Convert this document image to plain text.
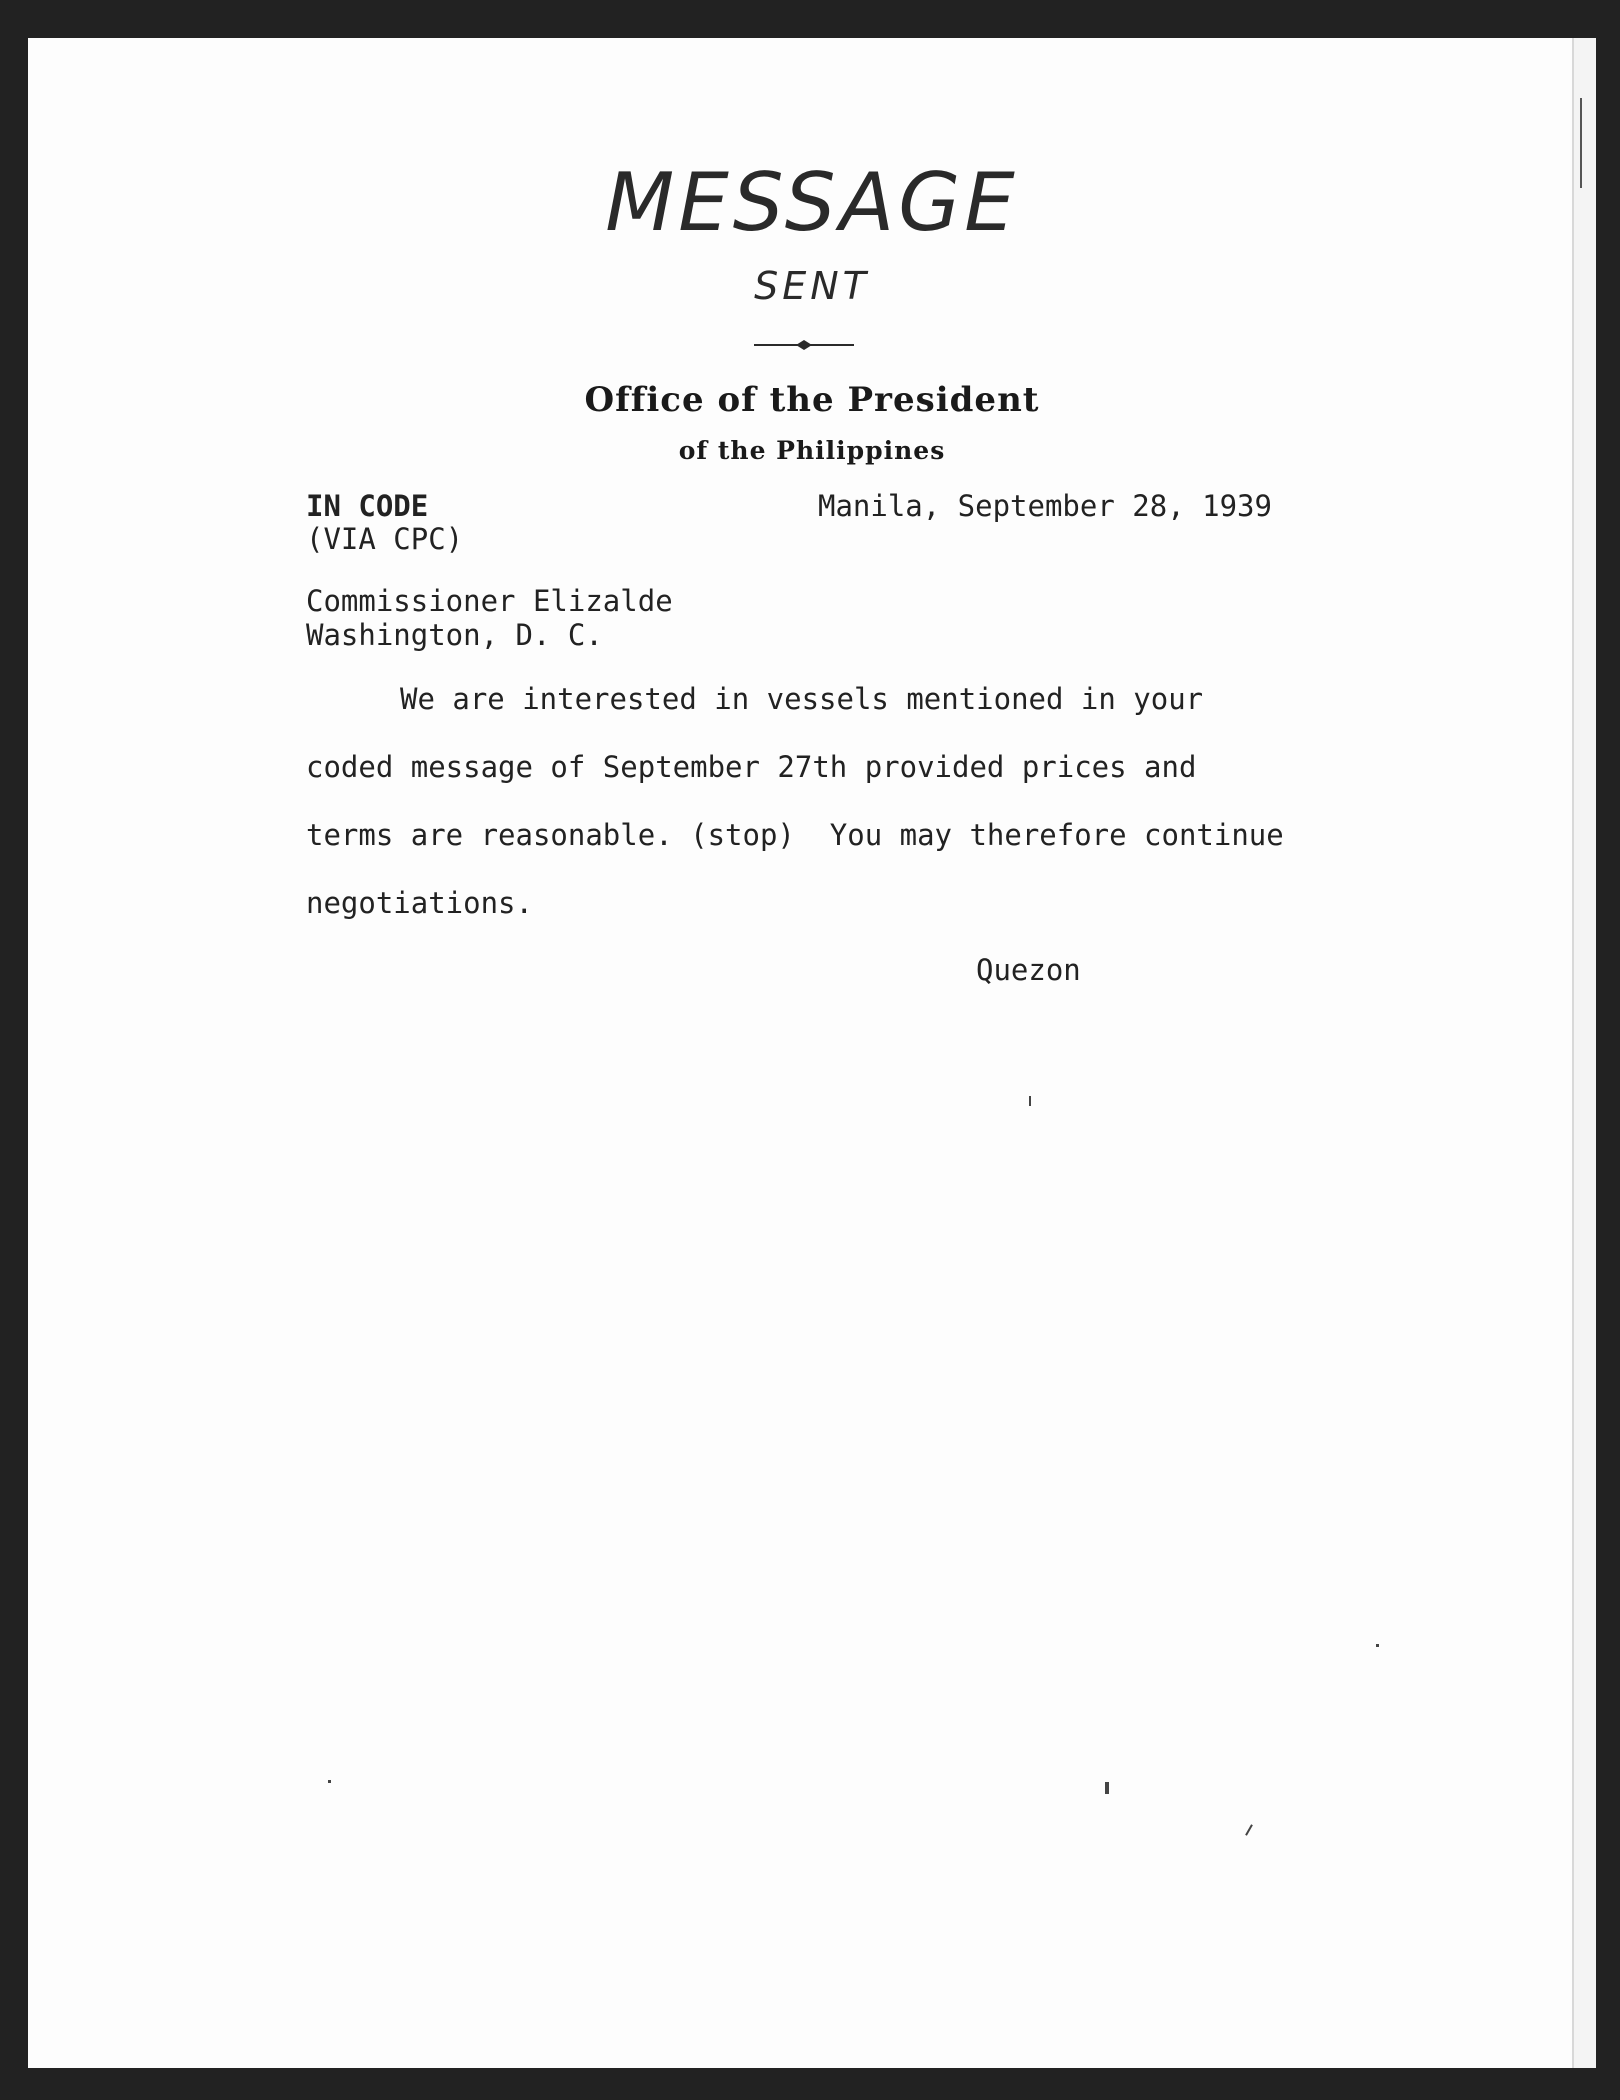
MESSAGE
SENT
Office of the President
of the Philippines
IN CODE
(VIA CPC)
Manila, September 28, 1939
Commissioner Elizalde
Washington, D. C.
We are interested in vessels mentioned in your
coded message of September 27th provided prices and
terms are reasonable. (stop)  You may therefore continue
negotiations.
Quezon
